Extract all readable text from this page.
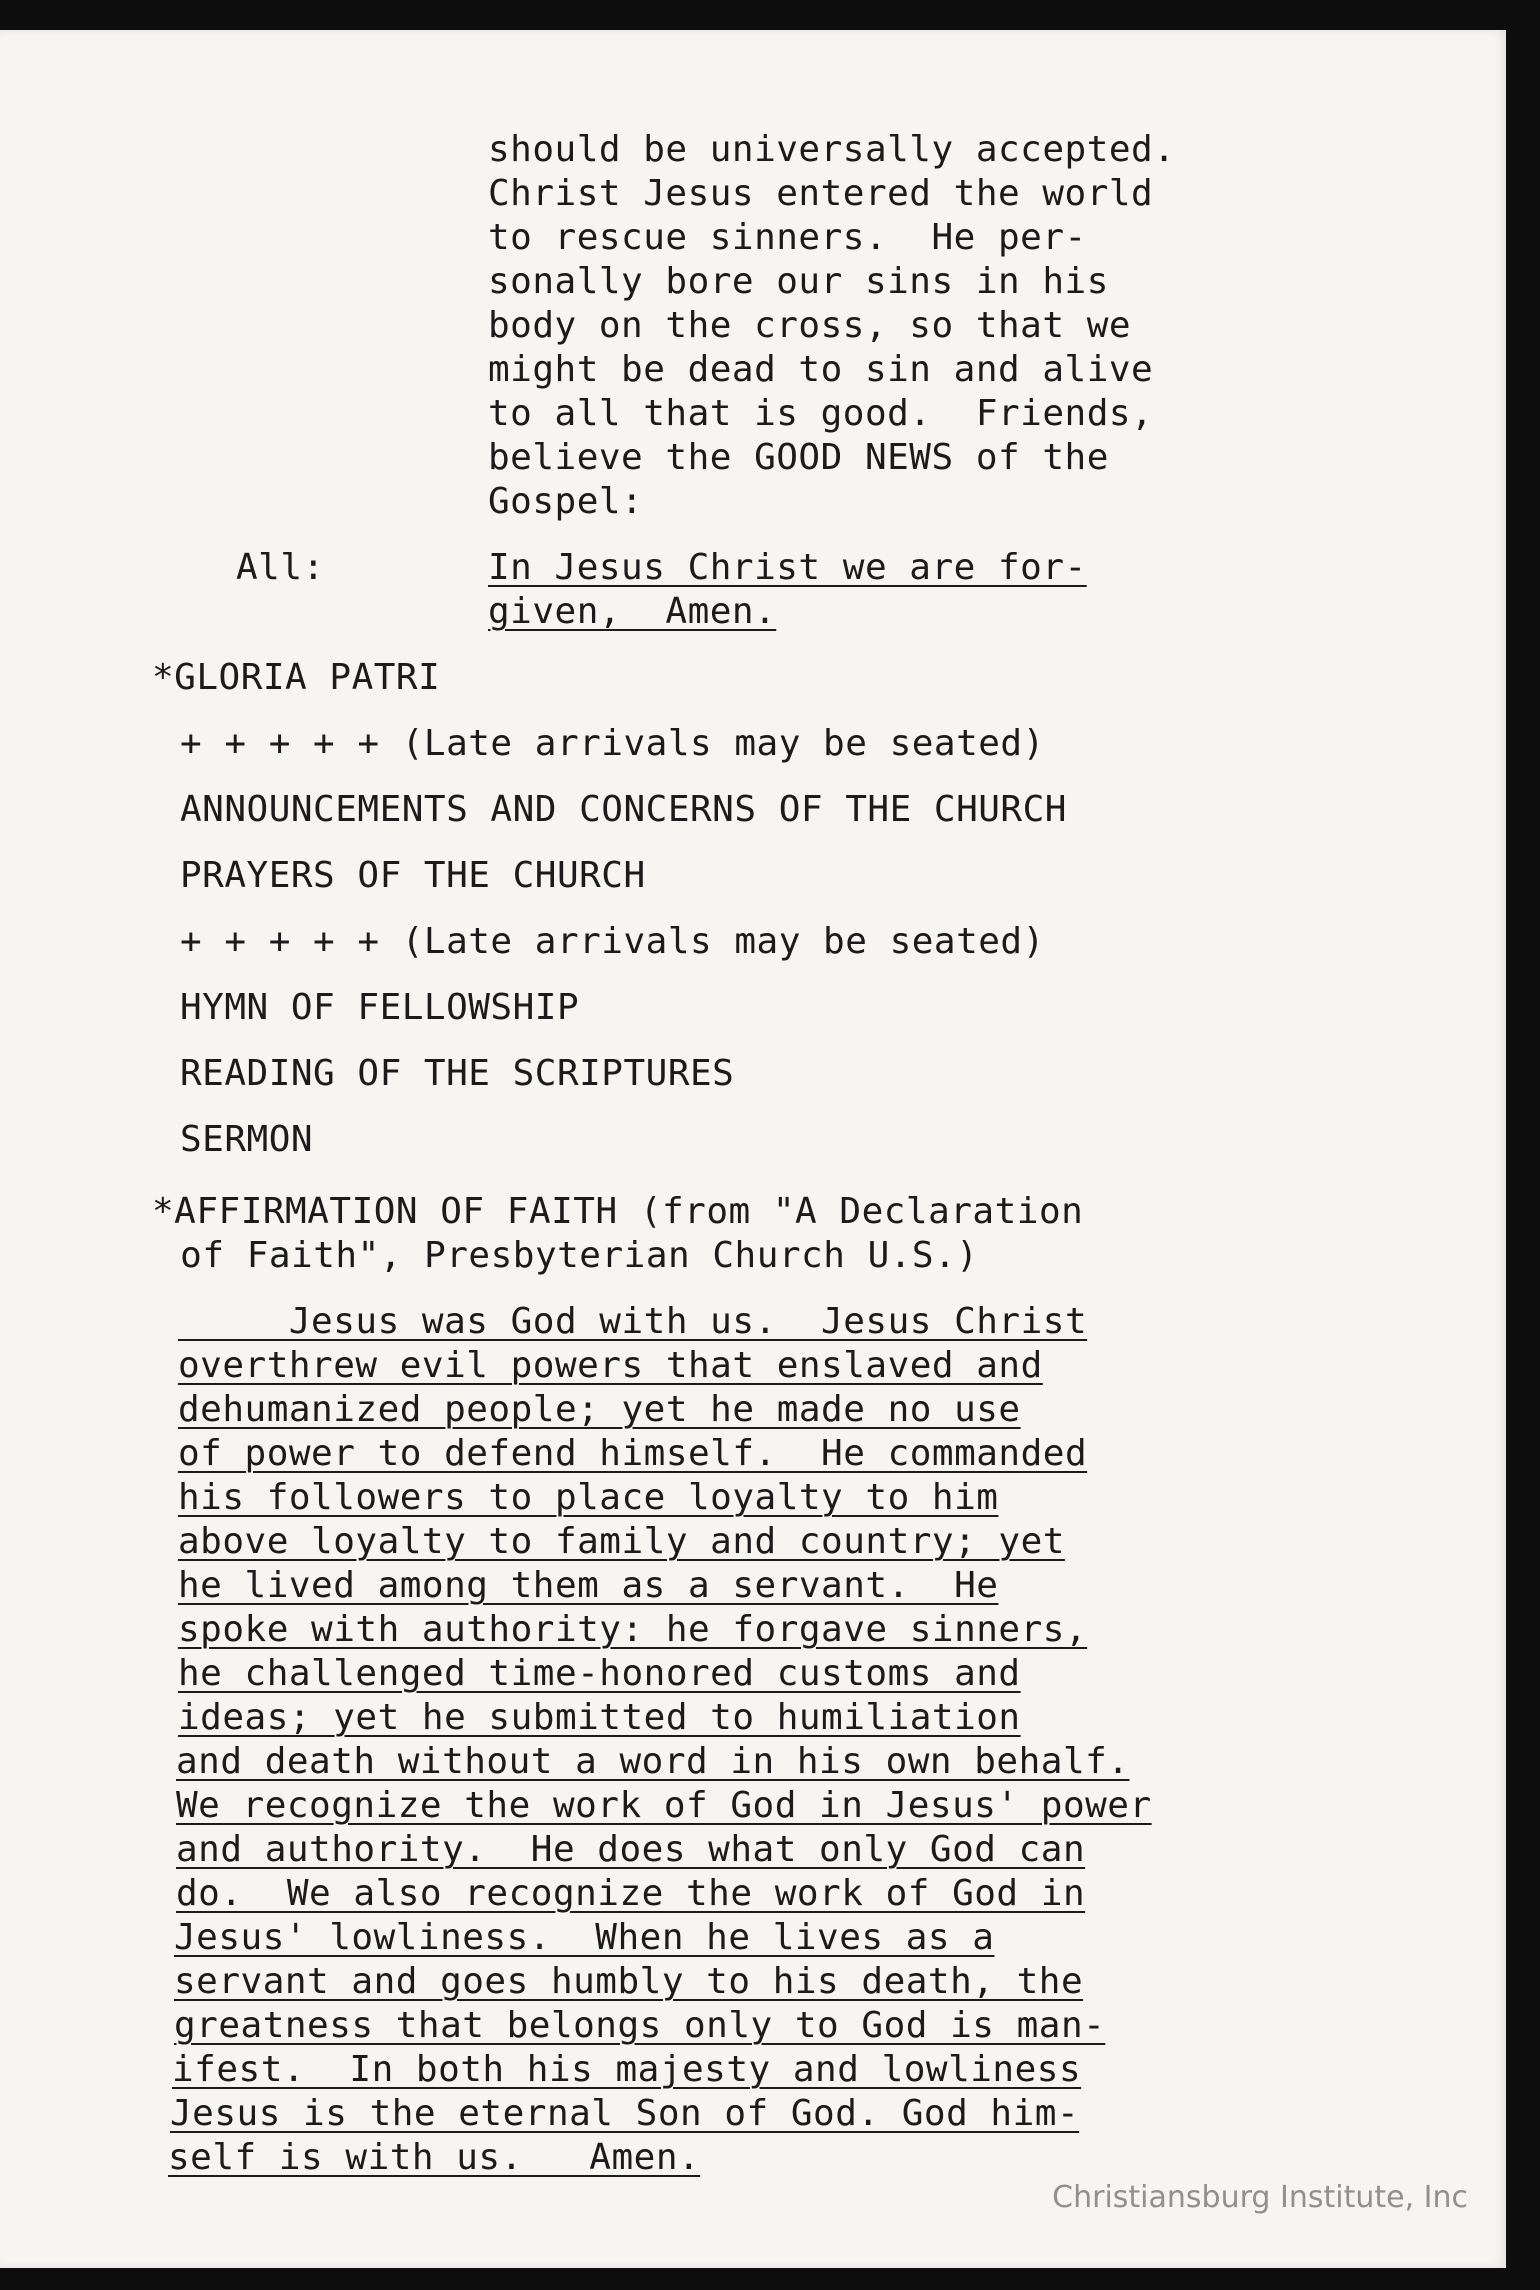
should be universally accepted.
Christ Jesus entered the world
to rescue sinners.  He per-
sonally bore our sins in his
body on the cross, so that we
might be dead to sin and alive
to all that is good.  Friends,
believe the GOOD NEWS of the
Gospel:
All:	In Jesus Christ we are for-
given,  Amen.
*GLORIA PATRI
+ + + + + (Late arrivals may be seated)
ANNOUNCEMENTS AND CONCERNS OF THE CHURCH
PRAYERS OF THE CHURCH
+ + + + + (Late arrivals may be seated)
HYMN OF FELLOWSHIP
READING OF THE SCRIPTURES
SERMON
*AFFIRMATION OF FAITH (from "A Declaration
of Faith", Presbyterian Church U.S.)
Jesus was God with us.  Jesus Christ
overthrew evil powers that enslaved and
dehumanized people; yet he made no use
of power to defend himself.  He commanded
his followers to place loyalty to him
above loyalty to family and country; yet
he lived among them as a servant.  He
spoke with authority: he forgave sinners,
he challenged time-honored customs and
ideas; yet he submitted to humiliation
and death without a word in his own behalf.
We recognize the work of God in Jesus' power
and authority.  He does what only God can
do.  We also recognize the work of God in
Jesus' lowliness.  When he lives as a
servant and goes humbly to his death, the
greatness that belongs only to God is man-
ifest.  In both his majesty and lowliness
Jesus is the eternal Son of God. God him-
self is with us.   Amen.
Christiansburg Institute, Inc
